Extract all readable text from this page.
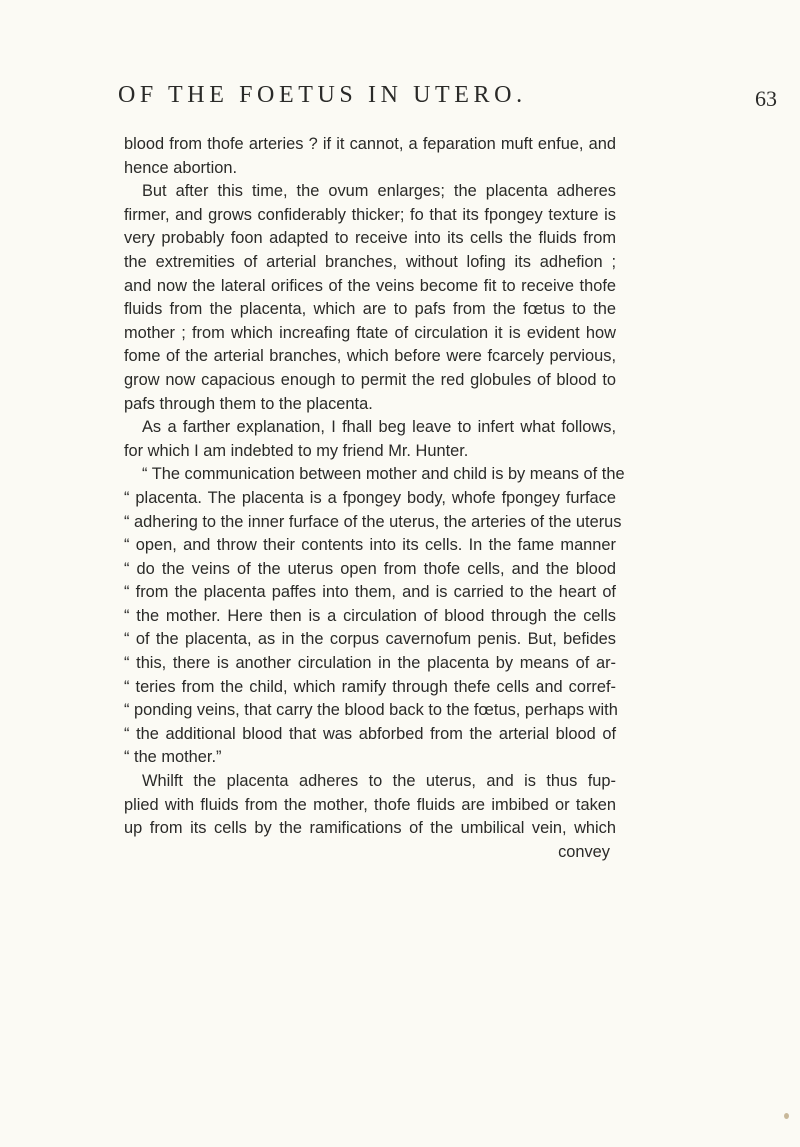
OF THE FOETUS IN UTERO.	63
blood from thofe arteries ? if it cannot, a feparation muft enfue, and
hence abortion.
But after this time, the ovum enlarges; the placenta adheres
firmer, and grows confiderably thicker; fo that its fpongey texture is
very probably foon adapted to receive into its cells the fluids from
the extremities of arterial branches, without lofing its adhefion ;
and now the lateral orifices of the veins become fit to receive thofe
fluids from the placenta, which are to pafs from the fœtus to the
mother ; from which increafing ftate of circulation it is evident how
fome of the arterial branches, which before were fcarcely pervious,
grow now capacious enough to permit the red globules of blood to
pafs through them to the placenta.
As a farther explanation, I fhall beg leave to infert what follows,
for which I am indebted to my friend Mr. Hunter.
“ The communication between mother and child is by means of the
“ placenta. The placenta is a fpongey body, whofe fpongey furface
“ adhering to the inner furface of the uterus, the arteries of the uterus
“ open, and throw their contents into its cells. In the fame manner
“ do the veins of the uterus open from thofe cells, and the blood
“ from the placenta paffes into them, and is carried to the heart of
“ the mother. Here then is a circulation of blood through the cells
“ of the placenta, as in the corpus cavernofum penis. But, befides
“ this, there is another circulation in the placenta by means of ar-
“ teries from the child, which ramify through thefe cells and corref-
“ ponding veins, that carry the blood back to the fœtus, perhaps with
“ the additional blood that was abforbed from the arterial blood of
“ the mother.”
Whilft the placenta adheres to the uterus, and is thus fup-
plied with fluids from the mother, thofe fluids are imbibed or taken
up from its cells by the ramifications of the umbilical vein, which
convey
